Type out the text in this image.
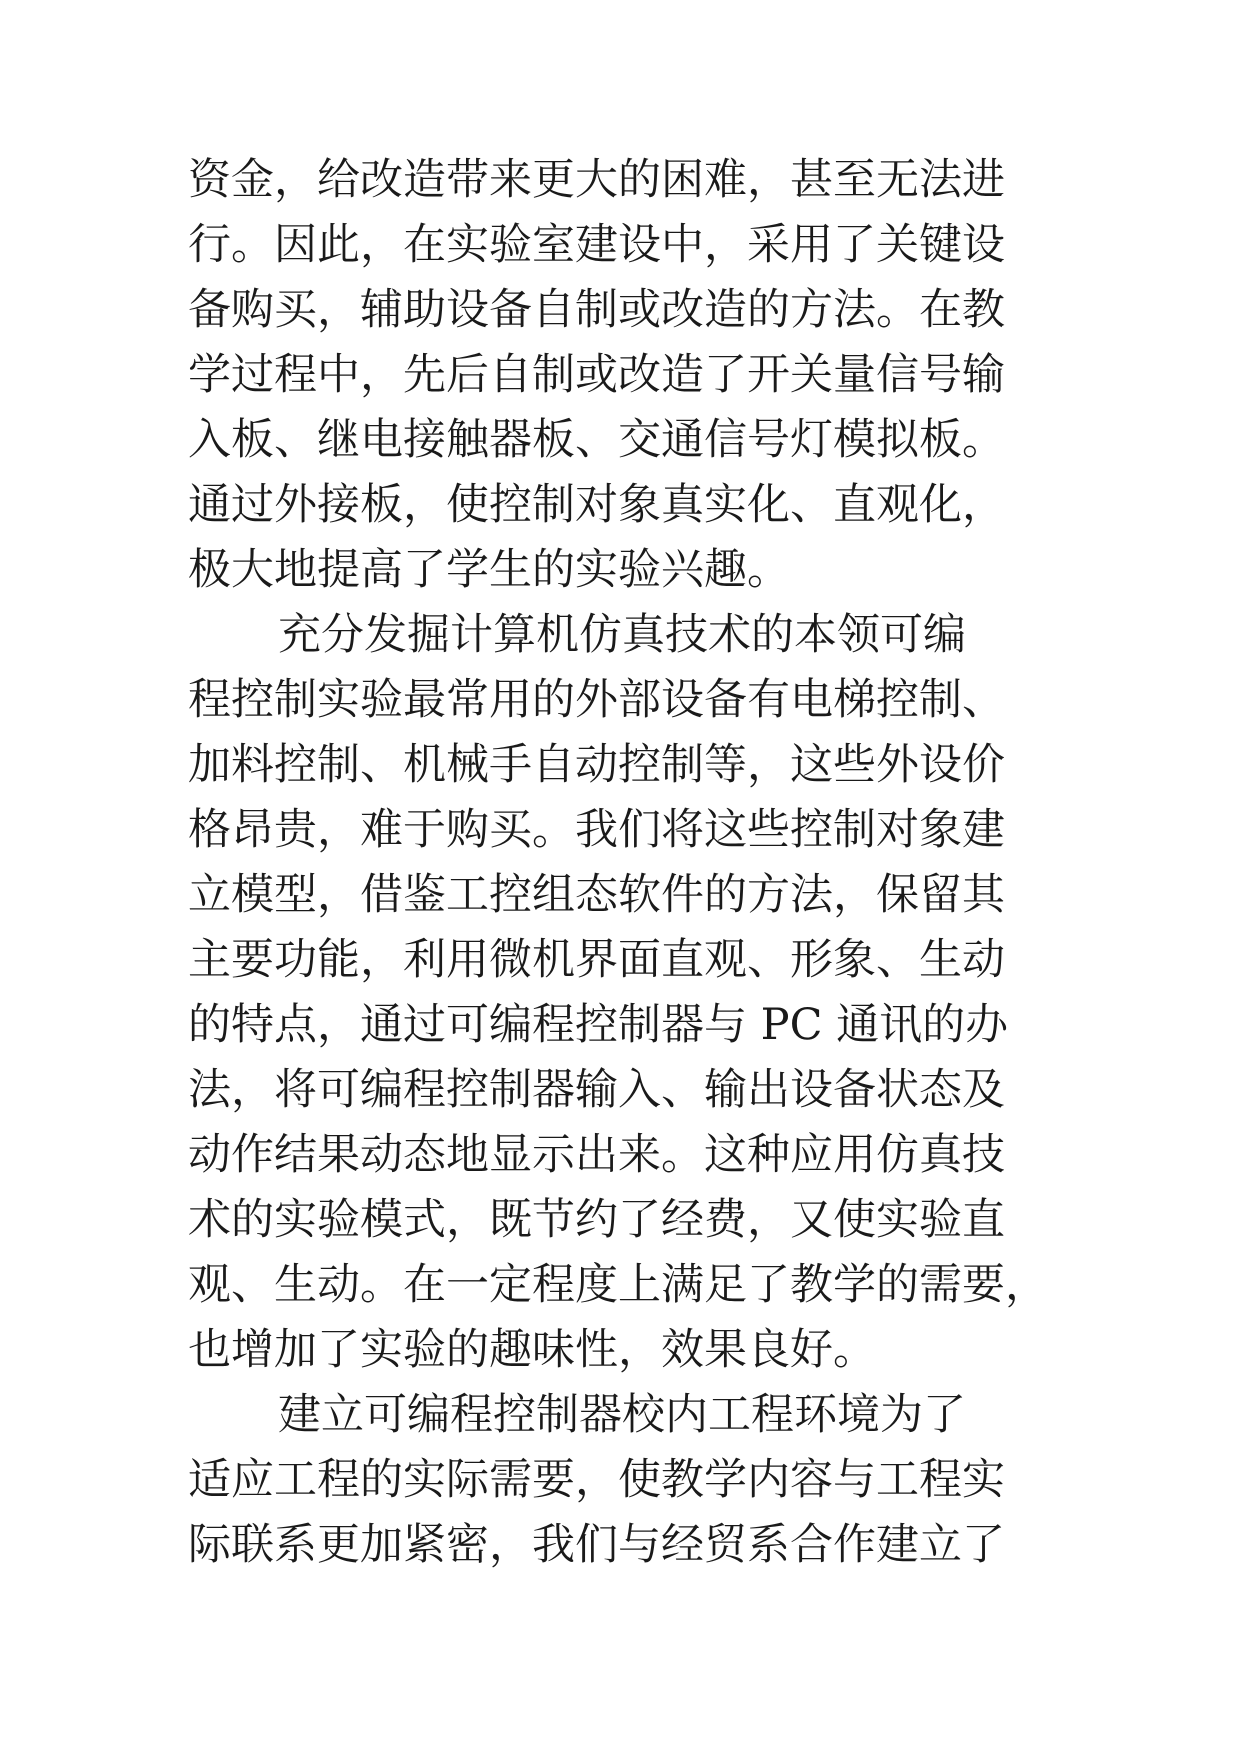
资金，给改造带来更大的困难，甚至无法进
行。因此，在实验室建设中，采用了关键设
备购买，辅助设备自制或改造的方法。在教
学过程中，先后自制或改造了开关量信号输
入板、继电接触器板、交通信号灯模拟板。
通过外接板，使控制对象真实化、直观化，
极大地提高了学生的实验兴趣。
充分发掘计算机仿真技术的本领可编
程控制实验最常用的外部设备有电梯控制、
加料控制、机械手自动控制等，这些外设价
格昂贵，难于购买。我们将这些控制对象建
立模型，借鉴工控组态软件的方法，保留其
主要功能，利用微机界面直观、形象、生动
的特点，通过可编程控制器与 PC 通讯的办
法，将可编程控制器输入、输出设备状态及
动作结果动态地显示出来。这种应用仿真技
术的实验模式，既节约了经费，又使实验直
观、生动。在一定程度上满足了教学的需要，
也增加了实验的趣味性，效果良好。
建立可编程控制器校内工程环境为了
适应工程的实际需要，使教学内容与工程实
际联系更加紧密，我们与经贸系合作建立了
